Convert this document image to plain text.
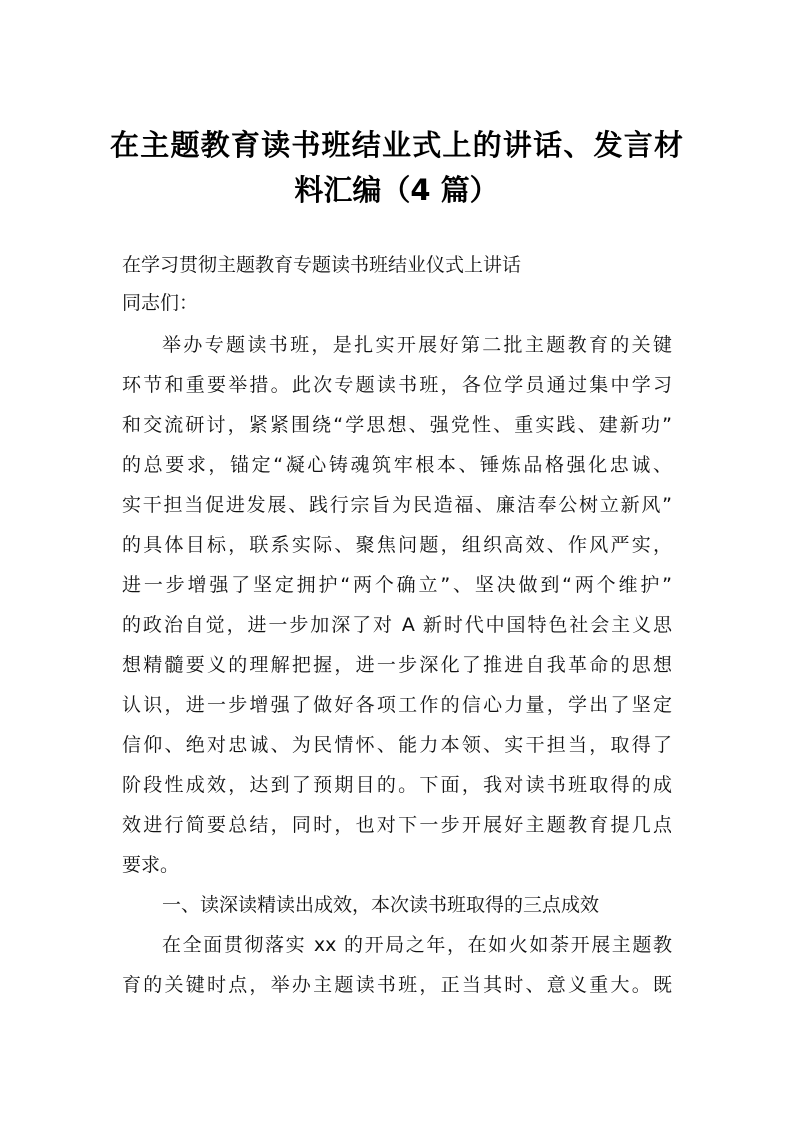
在主题教育读书班结业式上的讲话、发言材
料汇编（4 篇）
在学习贯彻主题教育专题读书班结业仪式上讲话
同志们：
举办专题读书班，是扎实开展好第二批主题教育的关键
环节和重要举措。此次专题读书班，各位学员通过集中学习
和交流研讨，紧紧围绕“学思想、强党性、重实践、建新功”
的总要求，锚定“凝心铸魂筑牢根本、锤炼品格强化忠诚、
实干担当促进发展、践行宗旨为民造福、廉洁奉公树立新风”
的具体目标，联系实际、聚焦问题，组织高效、作风严实，
进一步增强了坚定拥护“两个确立”、坚决做到“两个维护”
的政治自觉，进一步加深了对 A 新时代中国特色社会主义思
想精髓要义的理解把握，进一步深化了推进自我革命的思想
认识，进一步增强了做好各项工作的信心力量，学出了坚定
信仰、绝对忠诚、为民情怀、能力本领、实干担当，取得了
阶段性成效，达到了预期目的。下面，我对读书班取得的成
效进行简要总结，同时，也对下一步开展好主题教育提几点
要求。
一、读深读精读出成效，本次读书班取得的三点成效
在全面贯彻落实 xx 的开局之年，在如火如荼开展主题教
育的关键时点，举办主题读书班，正当其时、意义重大。既
